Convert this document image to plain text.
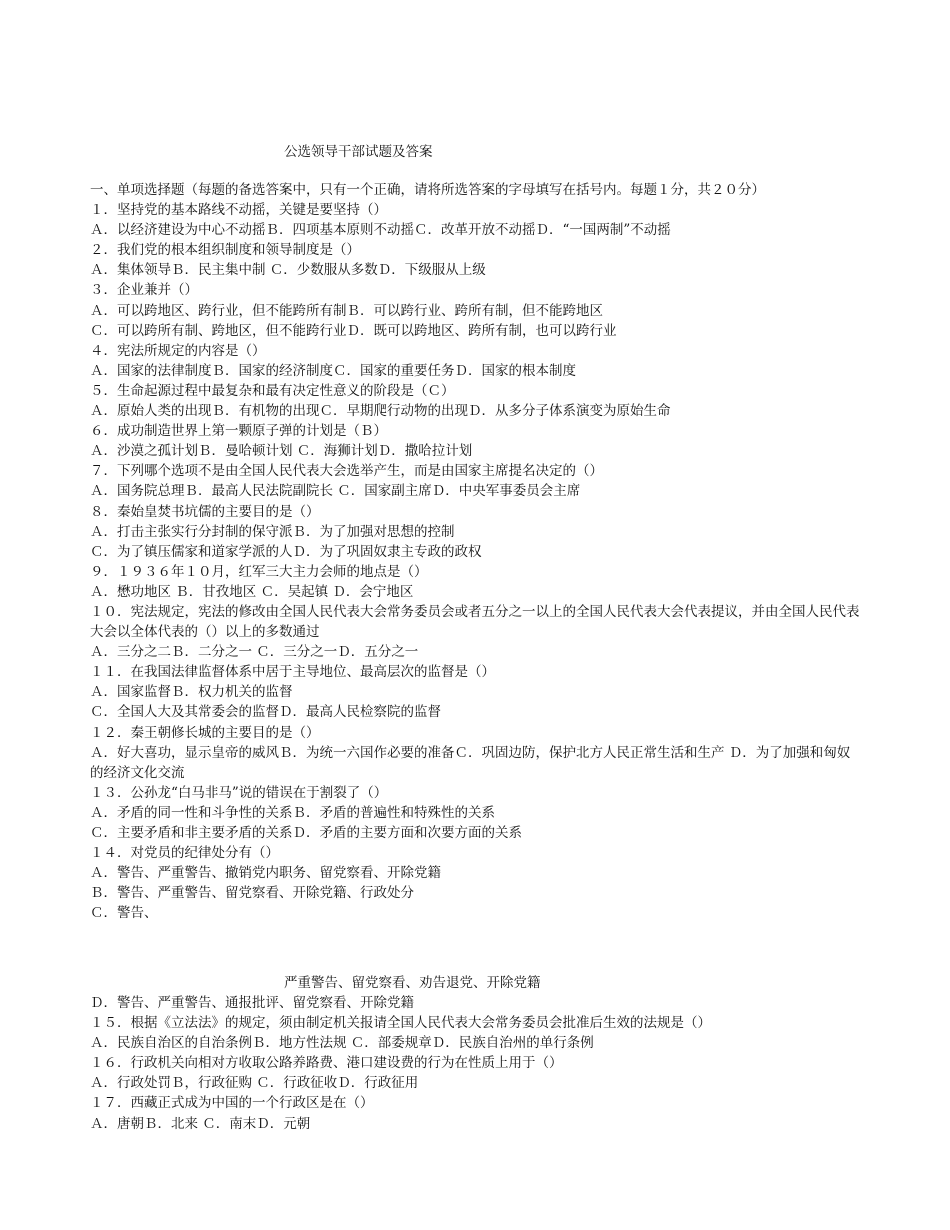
公选领导干部试题及答案

一、单项选择题（每题的备选答案中，只有一个正确，请将所选答案的字母填写在括号内。每题１分，共２０分）

１．坚持党的基本路线不动摇，关键是要坚持（）

Ａ．以经济建设为中心不动摇Ｂ．四项基本原则不动摇Ｃ．改革开放不动摇Ｄ．“一国两制”不动摇

２．我们党的根本组织制度和领导制度是（）

Ａ．集体领导Ｂ．民主集中制 Ｃ．少数服从多数Ｄ．下级服从上级

３．企业兼并（）

Ａ．可以跨地区、跨行业，但不能跨所有制Ｂ．可以跨行业、跨所有制，但不能跨地区

Ｃ．可以跨所有制、跨地区，但不能跨行业Ｄ．既可以跨地区、跨所有制，也可以跨行业

４．宪法所规定的内容是（）

Ａ．国家的法律制度Ｂ．国家的经济制度Ｃ．国家的重要任务Ｄ．国家的根本制度

５．生命起源过程中最复杂和最有决定性意义的阶段是（Ｃ）

Ａ．原始人类的出现Ｂ．有机物的出现Ｃ．早期爬行动物的出现Ｄ．从多分子体系演变为原始生命

６．成功制造世界上第一颗原子弹的计划是（Ｂ）

Ａ．沙漠之孤计划Ｂ．曼哈顿计划 Ｃ．海狮计划Ｄ．撒哈拉计划

７．下列哪个选项不是由全国人民代表大会选举产生，而是由国家主席提名决定的（）

Ａ．国务院总理Ｂ．最高人民法院副院长 Ｃ．国家副主席Ｄ．中央军事委员会主席

８．秦始皇焚书坑儒的主要目的是（）

Ａ．打击主张实行分封制的保守派Ｂ．为了加强对思想的控制

Ｃ．为了镇压儒家和道家学派的人Ｄ．为了巩固奴隶主专政的政权

９．１９３６年１０月，红军三大主力会师的地点是（）

Ａ．懋功地区 Ｂ．甘孜地区 Ｃ．吴起镇 Ｄ．会宁地区

１０．宪法规定，宪法的修改由全国人民代表大会常务委员会或者五分之一以上的全国人民代表大会代表提议，并由全国人民代表大会以全体代表的（）以上的多数通过

Ａ．三分之二Ｂ．二分之一 Ｃ．三分之一Ｄ．五分之一

１１．在我国法律监督体系中居于主导地位、最高层次的监督是（）

Ａ．国家监督Ｂ．权力机关的监督

Ｃ．全国人大及其常委会的监督Ｄ．最高人民检察院的监督

１２．秦王朝修长城的主要目的是（）

Ａ．好大喜功，显示皇帝的威风Ｂ．为统一六国作必要的准备Ｃ．巩固边防，保护北方人民正常生活和生产 Ｄ．为了加强和匈奴的经济文化交流

１３．公孙龙“白马非马”说的错误在于割裂了（）

Ａ．矛盾的同一性和斗争性的关系Ｂ．矛盾的普遍性和特殊性的关系

Ｃ．主要矛盾和非主要矛盾的关系Ｄ．矛盾的主要方面和次要方面的关系

１４．对党员的纪律处分有（）

Ａ．警告、严重警告、撤销党内职务、留党察看、开除党籍

Ｂ．警告、严重警告、留党察看、开除党籍、行政处分

Ｃ．警告、

严重警告、留党察看、劝告退党、开除党籍

Ｄ．警告、严重警告、通报批评、留党察看、开除党籍

１５．根据《立法法》的规定，须由制定机关报请全国人民代表大会常务委员会批准后生效的法规是（）

Ａ．民族自治区的自治条例Ｂ．地方性法规 Ｃ．部委规章Ｄ．民族自治州的单行条例

１６．行政机关向相对方收取公路养路费、港口建设费的行为在性质上用于（）

Ａ．行政处罚Ｂ，行政征购 Ｃ．行政征收Ｄ．行政征用

１７．西藏正式成为中国的一个行政区是在（）

Ａ．唐朝Ｂ．北来 Ｃ．南末Ｄ．元朝
